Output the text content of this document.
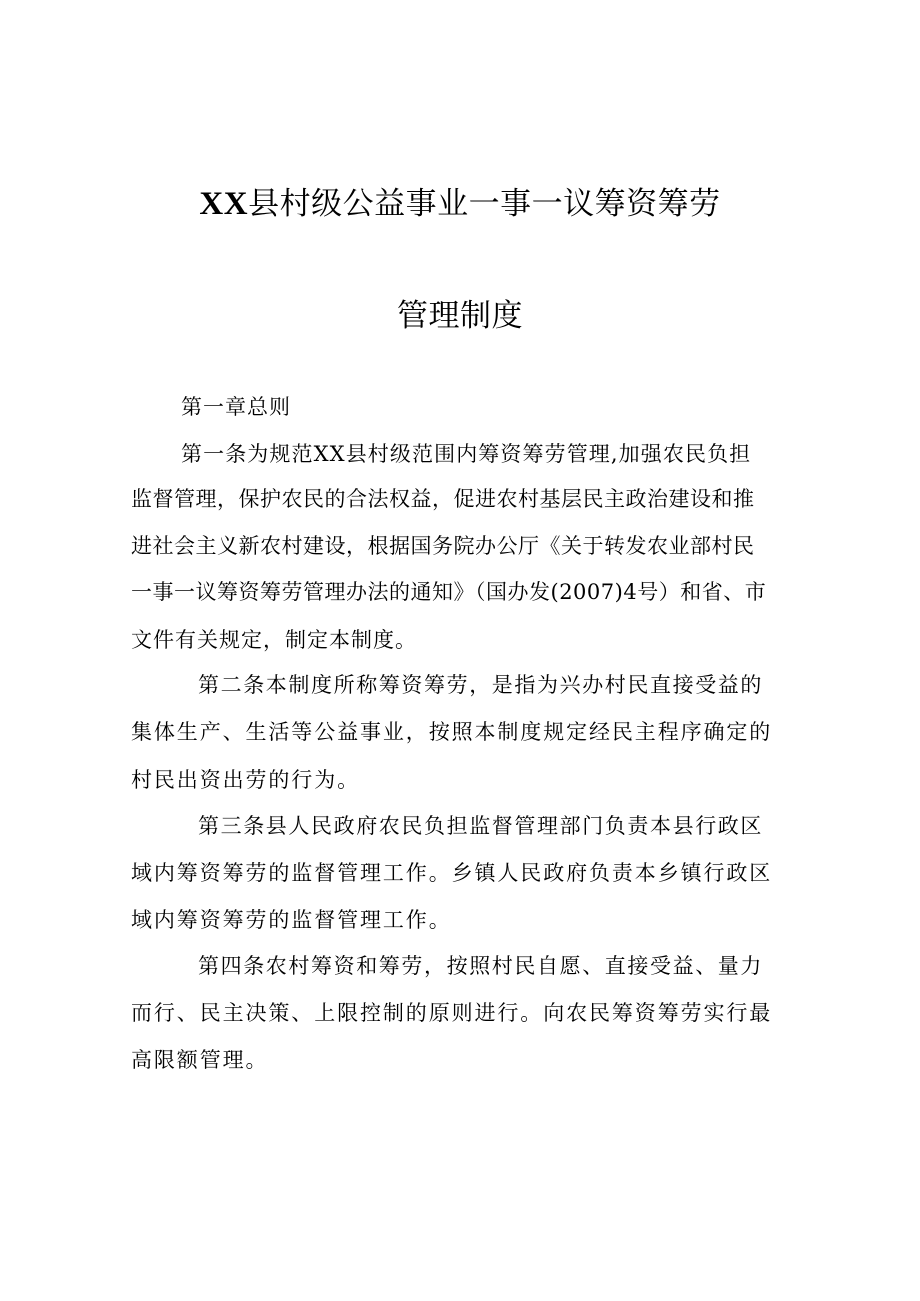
XX县村级公益事业一事一议筹资筹劳
管理制度
第一章总则
第一条为规范XX县村级范围内筹资筹劳管理,加强农民负担
监督管理，保护农民的合法权益，促进农村基层民主政治建设和推
进社会主义新农村建设，根据国务院办公厅《关于转发农业部村民
一事一议筹资筹劳管理办法的通知》（国办发(2007)4号）和省、市
文件有关规定，制定本制度。
第二条本制度所称筹资筹劳，是指为兴办村民直接受益的
集体生产、生活等公益事业，按照本制度规定经民主程序确定的
村民出资出劳的行为。
第三条县人民政府农民负担监督管理部门负责本县行政区
域内筹资筹劳的监督管理工作。乡镇人民政府负责本乡镇行政区
域内筹资筹劳的监督管理工作。
第四条农村筹资和筹劳，按照村民自愿、直接受益、量力
而行、民主决策、上限控制的原则进行。向农民筹资筹劳实行最
高限额管理。
